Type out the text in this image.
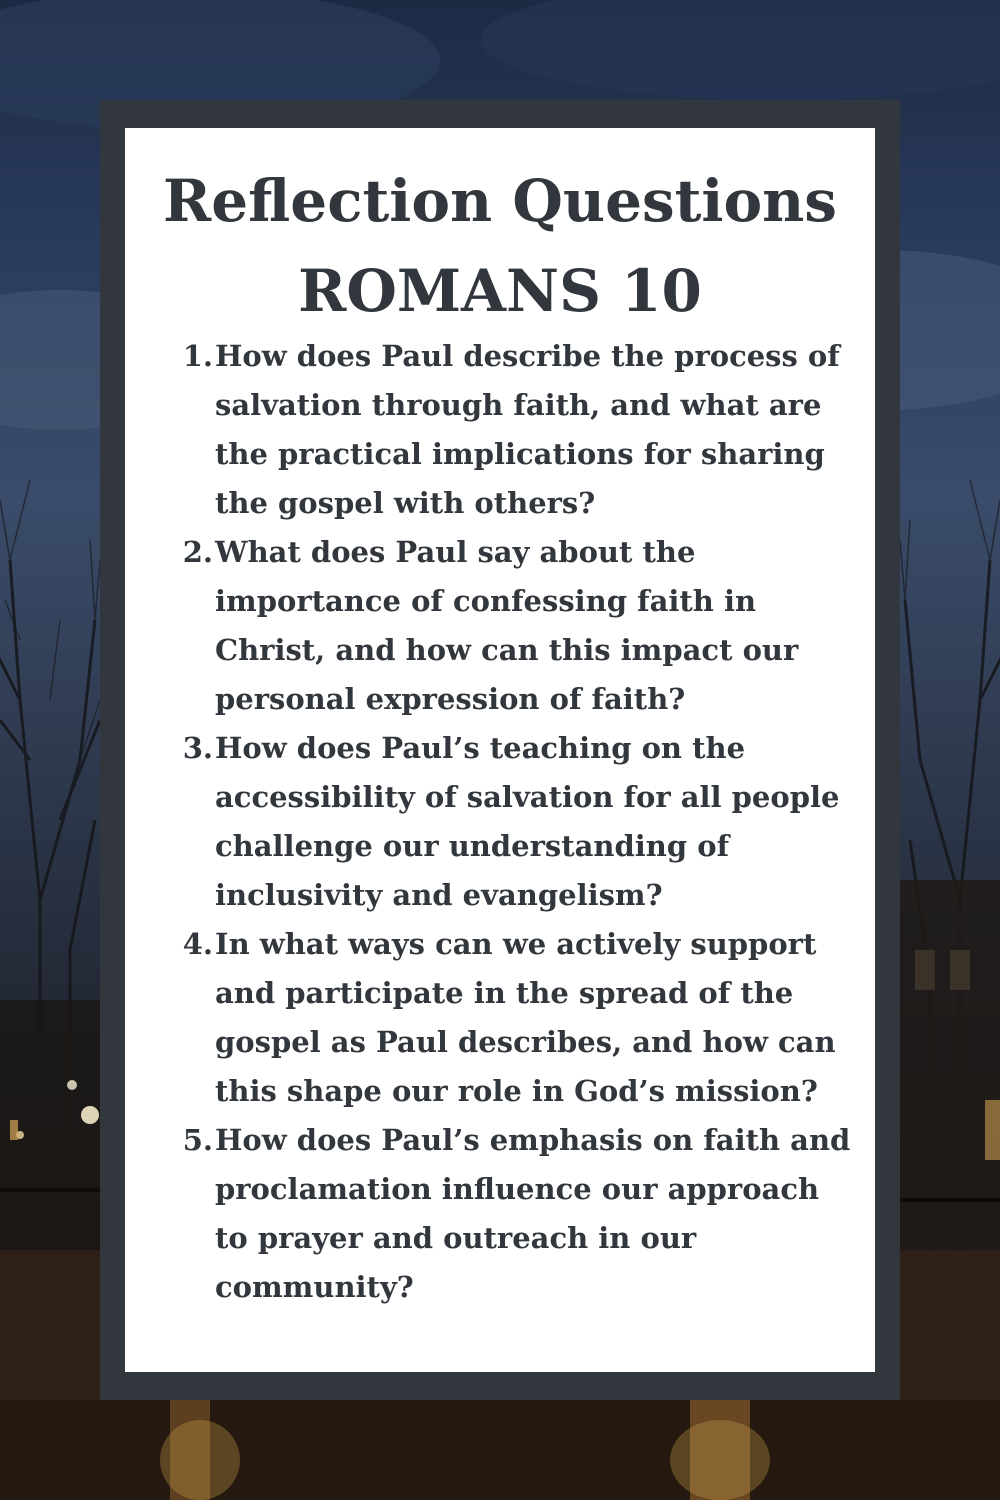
Reflection Questions
ROMANS 10
1. How does Paul describe the process of salvation through faith, and what are the practical implications for sharing the gospel with others?
2. What does Paul say about the importance of confessing faith in Christ, and how can this impact our personal expression of faith?
3. How does Paul’s teaching on the accessibility of salvation for all people challenge our understanding of inclusivity and evangelism?
4. In what ways can we actively support and participate in the spread of the gospel as Paul describes, and how can this shape our role in God’s mission?
5. How does Paul’s emphasis on faith and proclamation influence our approach to prayer and outreach in our community?
